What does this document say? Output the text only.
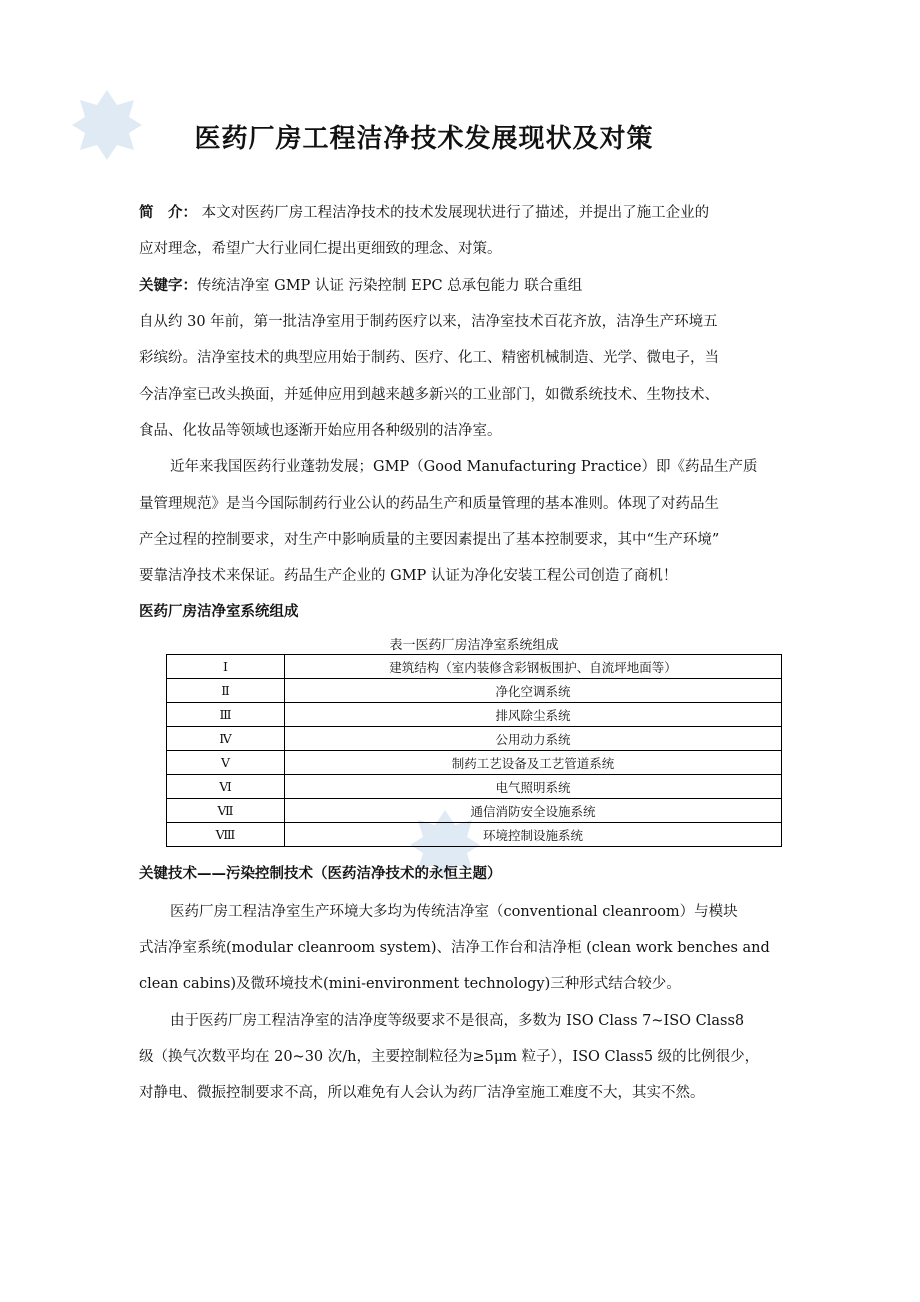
医药厂房工程洁净技术发展现状及对策
简　介： 本文对医药厂房工程洁净技术的技术发展现状进行了描述，并提出了施工企业的
应对理念，希望广大行业同仁提出更细致的理念、对策。
关键字：传统洁净室 GMP 认证 污染控制 EPC 总承包能力 联合重组
自从约 30 年前，第一批洁净室用于制药医疗以来，洁净室技术百花齐放，洁净生产环境五
彩缤纷。洁净室技术的典型应用始于制药、医疗、化工、精密机械制造、光学、微电子，当
今洁净室已改头换面，并延伸应用到越来越多新兴的工业部门，如微系统技术、生物技术、
食品、化妆品等领域也逐渐开始应用各种级别的洁净室。
近年来我国医药行业蓬勃发展；GMP（Good Manufacturing Practice）即《药品生产质
量管理规范》是当今国际制药行业公认的药品生产和质量管理的基本准则。体现了对药品生
产全过程的控制要求，对生产中影响质量的主要因素提出了基本控制要求，其中“生产环境”
要靠洁净技术来保证。药品生产企业的 GMP 认证为净化安装工程公司创造了商机！
医药厂房洁净室系统组成
表一医药厂房洁净室系统组成
Ⅰ	建筑结构（室内装修含彩钢板围护、自流坪地面等）
Ⅱ	净化空调系统
Ⅲ	排风除尘系统
Ⅳ	公用动力系统
Ⅴ	制药工艺设备及工艺管道系统
Ⅵ	电气照明系统
Ⅶ	通信消防安全设施系统
Ⅷ	环境控制设施系统
关键技术——污染控制技术（医药洁净技术的永恒主题）
医药厂房工程洁净室生产环境大多均为传统洁净室（conventional cleanroom）与模块
式洁净室系统(modular cleanroom system)、洁净工作台和洁净柜 (clean work benches and
clean cabins)及微环境技术(mini-environment technology)三种形式结合较少。
由于医药厂房工程洁净室的洁净度等级要求不是很高，多数为 ISO Class 7~ISO Class8
级（换气次数平均在 20~30 次/h，主要控制粒径为≥5μm 粒子），ISO Class5 级的比例很少，
对静电、微振控制要求不高，所以难免有人会认为药厂洁净室施工难度不大，其实不然。
